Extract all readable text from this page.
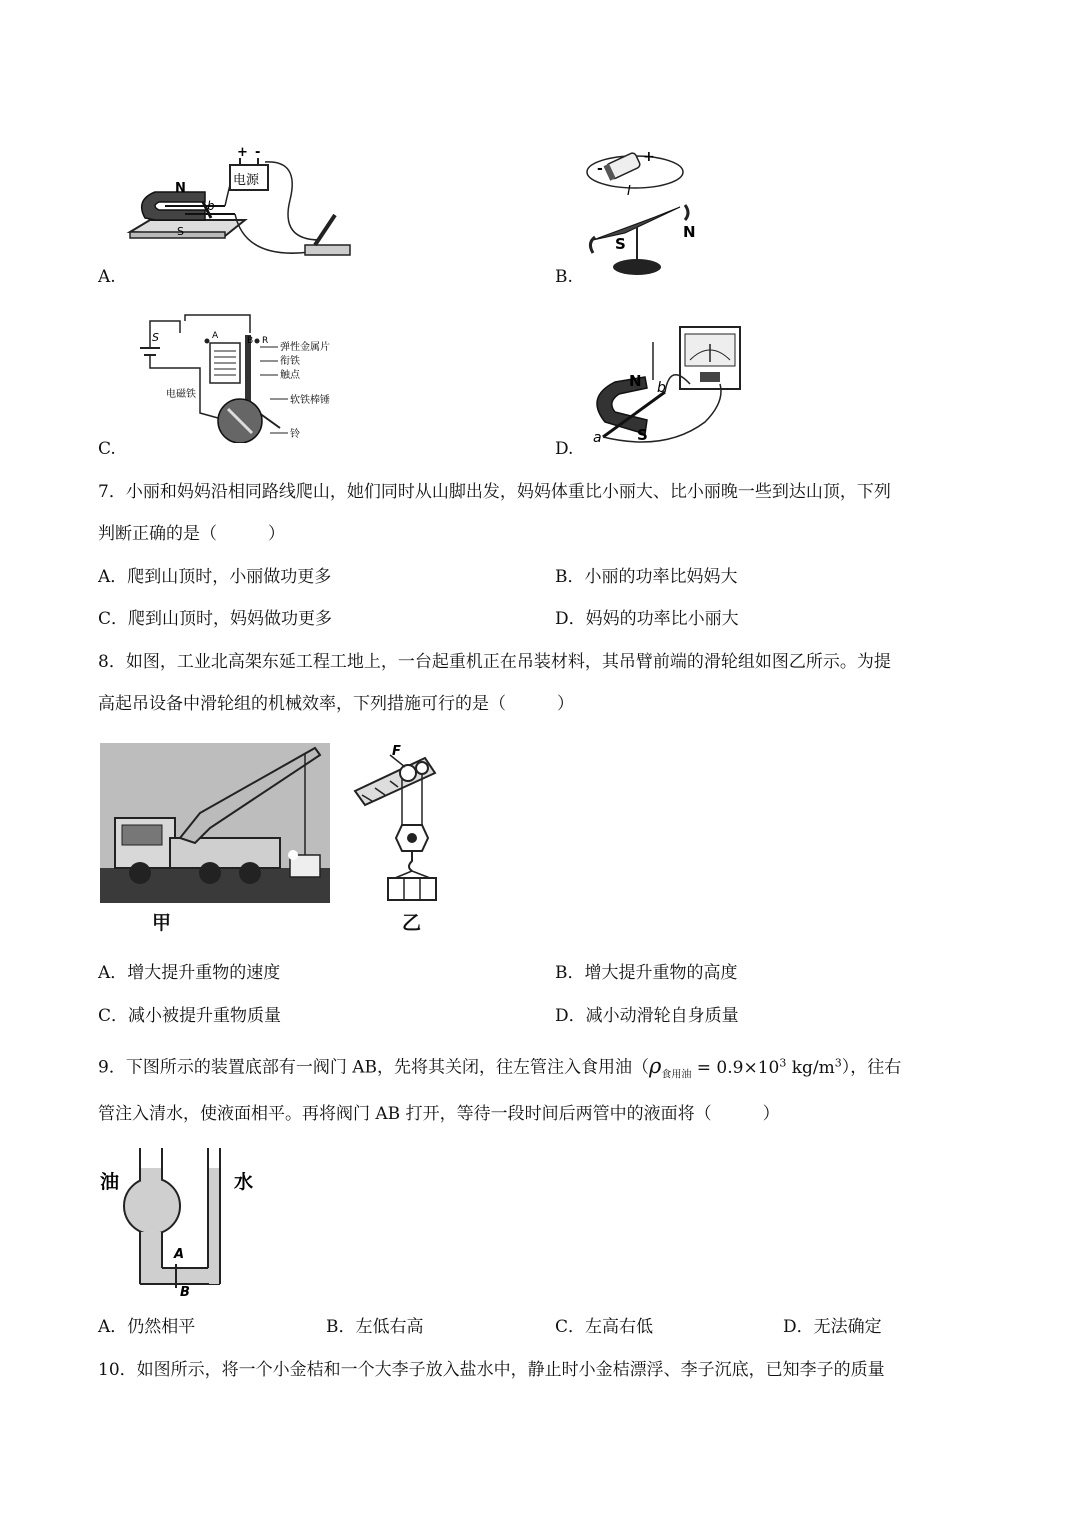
N
S
b
+ -
电源
A.
-
+
I
S
N
B.
S	A	B R
弹性金属片
衔铁
触点
电磁铁
软铁棒锤
铃
C.
N
S
a
b
D.
7．小丽和妈妈沿相同路线爬山，她们同时从山脚出发，妈妈体重比小丽大、比小丽晚一些到达山顶，下列
判断正确的是（　　　）
A．爬到山顶时，小丽做功更多	B．小丽的功率比妈妈大
C．爬到山顶时，妈妈做功更多	D．妈妈的功率比小丽大
8．如图，工业北高架东延工程工地上，一台起重机正在吊装材料，其吊臂前端的滑轮组如图乙所示。为提
高起吊设备中滑轮组的机械效率，下列措施可行的是（　　　）
甲
F
乙
A．增大提升重物的速度	B．增大提升重物的高度
C．减小被提升重物质量	D．减小动滑轮自身质量
9．下图所示的装置底部有一阀门 AB，先将其关闭，往左管注入食用油（$\rho_{食用油} = 0.9\times 10^3$ $kg/m^3$），往右
管注入清水，使液面相平。再将阀门 AB 打开，等待一段时间后两管中的液面将（　　　）
油	水
A
B
A．仍然相平	B．左低右高	C．左高右低	D．无法确定
10．如图所示，将一个小金桔和一个大李子放入盐水中，静止时小金桔漂浮、李子沉底，已知李子的质量
